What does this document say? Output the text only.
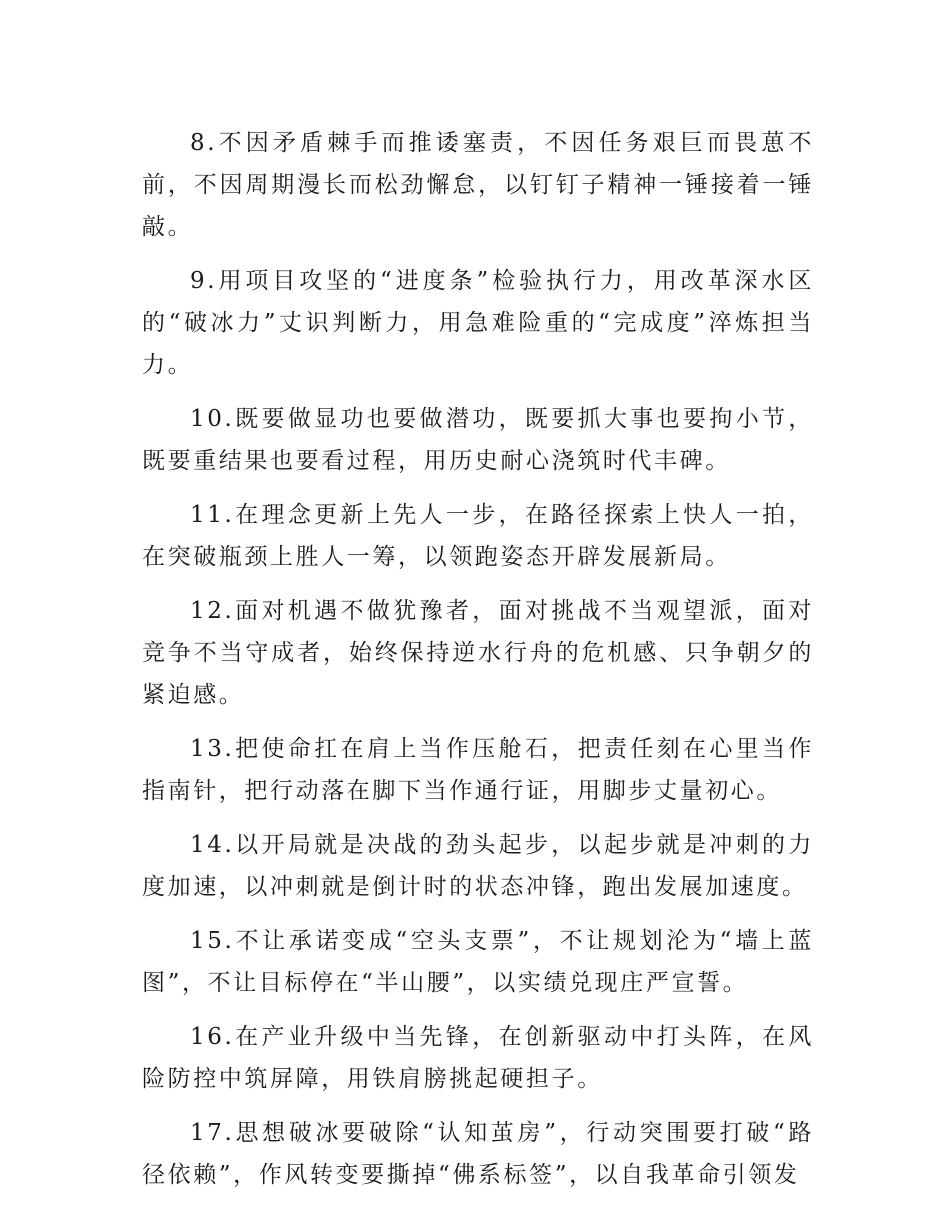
8.不因矛盾棘手而推诿塞责，不因任务艰巨而畏葸不前，不因周期漫长而松劲懈怠，以钉钉子精神一锤接着一锤敲。

9.用项目攻坚的“进度条”检验执行力，用改革深水区的“破冰力”丈识判断力，用急难险重的“完成度”淬炼担当力。

10.既要做显功也要做潜功，既要抓大事也要拘小节，既要重结果也要看过程，用历史耐心浇筑时代丰碑。

11.在理念更新上先人一步，在路径探索上快人一拍，在突破瓶颈上胜人一筹，以领跑姿态开辟发展新局。

12.面对机遇不做犹豫者，面对挑战不当观望派，面对竞争不当守成者，始终保持逆水行舟的危机感、只争朝夕的紧迫感。

13.把使命扛在肩上当作压舱石，把责任刻在心里当作指南针，把行动落在脚下当作通行证，用脚步丈量初心。

14.以开局就是决战的劲头起步，以起步就是冲刺的力度加速，以冲刺就是倒计时的状态冲锋，跑出发展加速度。

15.不让承诺变成“空头支票”，不让规划沦为“墙上蓝图”，不让目标停在“半山腰”，以实绩兑现庄严宣誓。

16.在产业升级中当先锋，在创新驱动中打头阵，在风险防控中筑屏障，用铁肩膀挑起硬担子。

17.思想破冰要破除“认知茧房”，行动突围要打破“路径依赖”，作风转变要撕掉“佛系标签”，以自我革命引领发
